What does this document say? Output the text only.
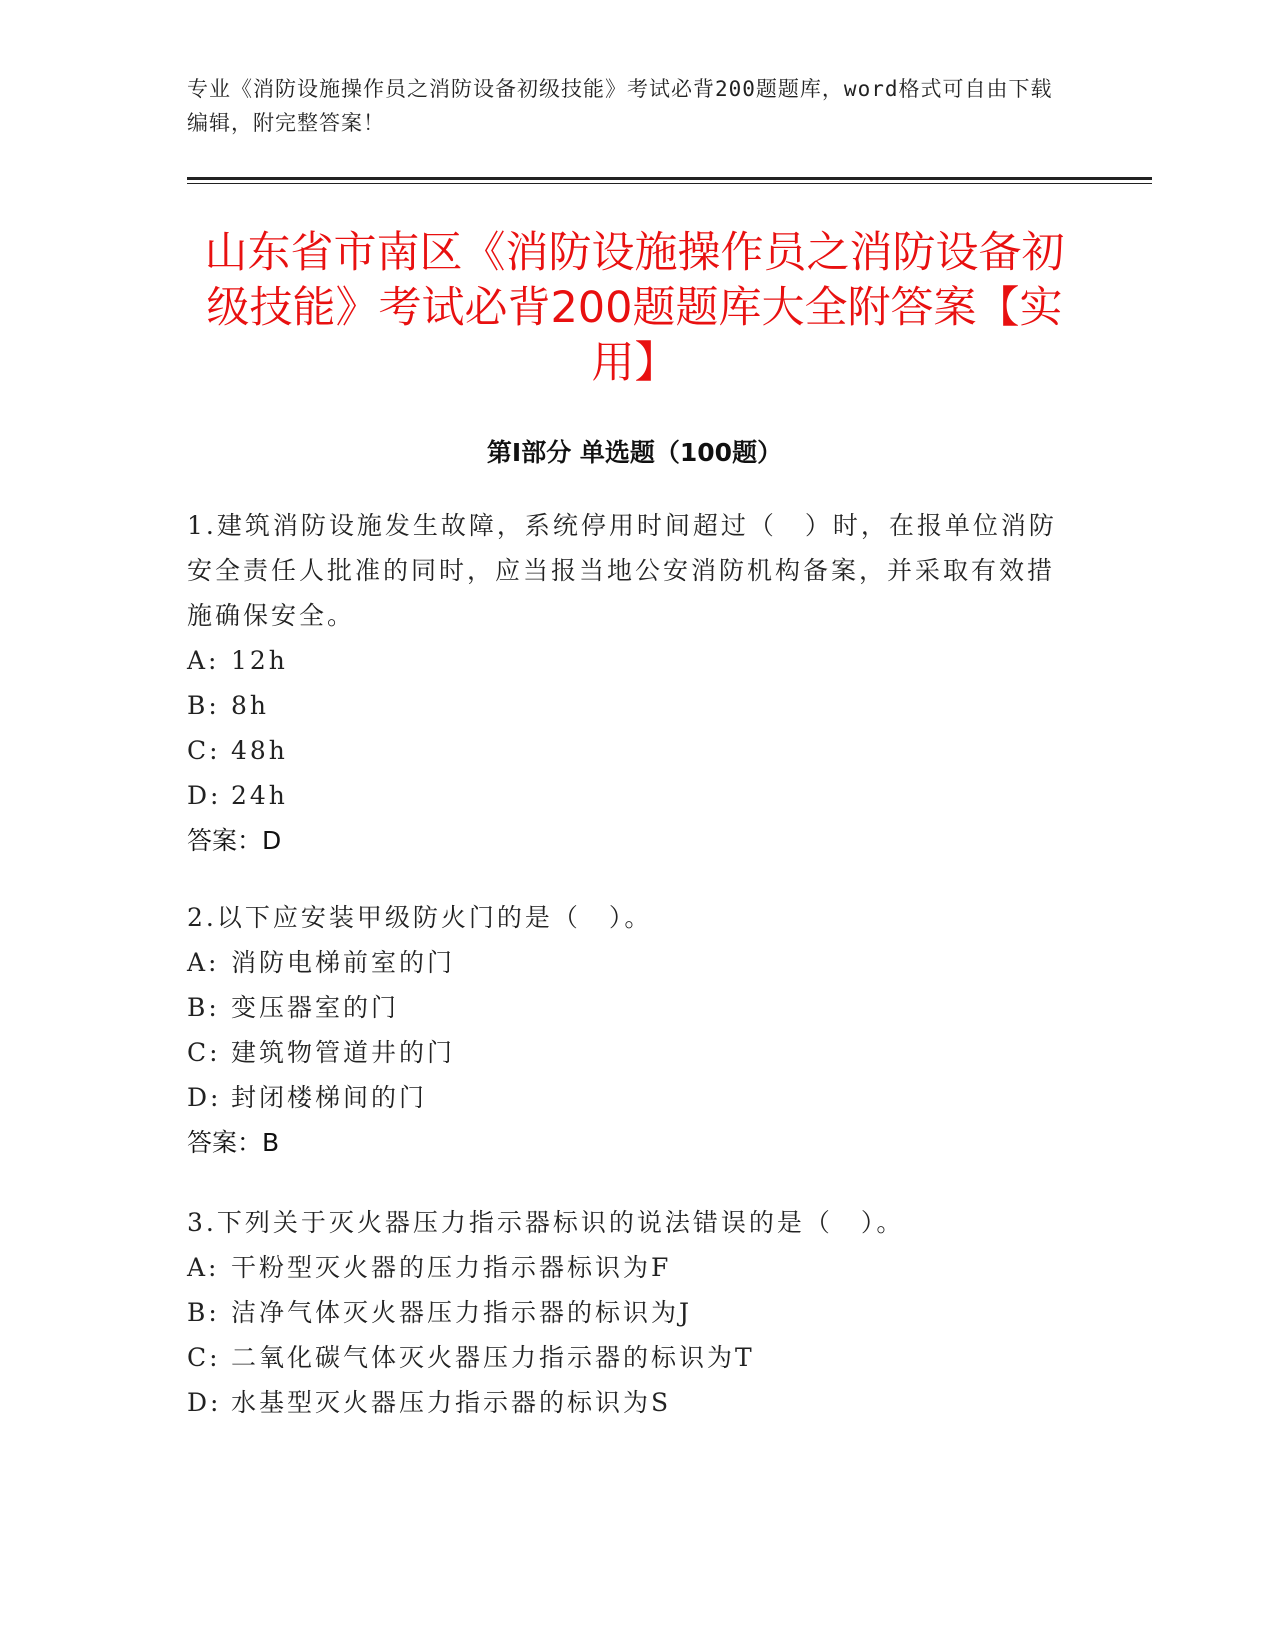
专业《消防设施操作员之消防设备初级技能》考试必背200题题库，word格式可自由下载编辑，附完整答案！
山东省市南区《消防设施操作员之消防设备初级技能》考试必背200题题库大全附答案【实用】
第Ⅰ部分 单选题（100题）
1.建筑消防设施发生故障，系统停用时间超过（　）时，在报单位消防安全责任人批准的同时，应当报当地公安消防机构备案，并采取有效措施确保安全。
A: 12h
B: 8h
C: 48h
D: 24h
答案：D
2.以下应安装甲级防火门的是（　）。
A: 消防电梯前室的门
B: 变压器室的门
C: 建筑物管道井的门
D: 封闭楼梯间的门
答案：B
3.下列关于灭火器压力指示器标识的说法错误的是（　）。
A: 干粉型灭火器的压力指示器标识为F
B: 洁净气体灭火器压力指示器的标识为J
C: 二氧化碳气体灭火器压力指示器的标识为T
D: 水基型灭火器压力指示器的标识为S
